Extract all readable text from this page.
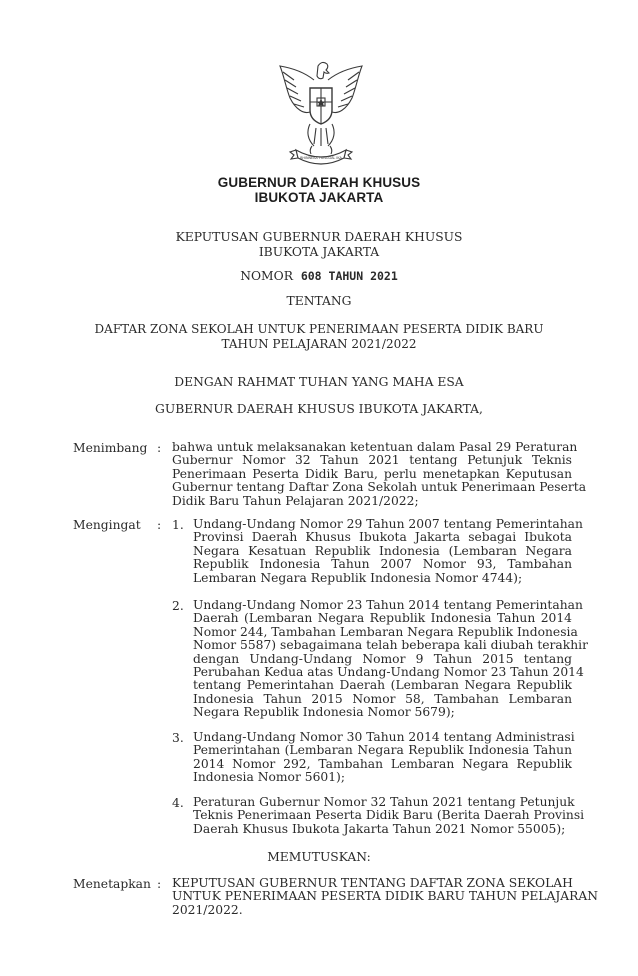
BHINNEKA TUNGGAL IKA
GUBERNUR DAERAH KHUSUS
IBUKOTA JAKARTA
KEPUTUSAN GUBERNUR DAERAH KHUSUS
IBUKOTA JAKARTA
NOMOR 608 TAHUN 2021
TENTANG
DAFTAR ZONA SEKOLAH UNTUK PENERIMAAN PESERTA DIDIK BARU
TAHUN PELAJARAN 2021/2022
DENGAN RAHMAT TUHAN YANG MAHA ESA
GUBERNUR DAERAH KHUSUS IBUKOTA JAKARTA,
Menimbang : bahwa untuk melaksanakan ketentuan dalam Pasal 29 Peraturan
Gubernur Nomor 32 Tahun 2021 tentang Petunjuk Teknis
Penerimaan Peserta Didik Baru, perlu menetapkan Keputusan
Gubernur tentang Daftar Zona Sekolah untuk Penerimaan Peserta
Didik Baru Tahun Pelajaran 2021/2022;
Mengingat : 1. Undang-Undang Nomor 29 Tahun 2007 tentang Pemerintahan
Provinsi Daerah Khusus Ibukota Jakarta sebagai Ibukota
Negara Kesatuan Republik Indonesia (Lembaran Negara
Republik Indonesia Tahun 2007 Nomor 93, Tambahan
Lembaran Negara Republik Indonesia Nomor 4744);
2. Undang-Undang Nomor 23 Tahun 2014 tentang Pemerintahan
Daerah (Lembaran Negara Republik Indonesia Tahun 2014
Nomor 244, Tambahan Lembaran Negara Republik Indonesia
Nomor 5587) sebagaimana telah beberapa kali diubah terakhir
dengan Undang-Undang Nomor 9 Tahun 2015 tentang
Perubahan Kedua atas Undang-Undang Nomor 23 Tahun 2014
tentang Pemerintahan Daerah (Lembaran Negara Republik
Indonesia Tahun 2015 Nomor 58, Tambahan Lembaran
Negara Republik Indonesia Nomor 5679);
3. Undang-Undang Nomor 30 Tahun 2014 tentang Administrasi
Pemerintahan (Lembaran Negara Republik Indonesia Tahun
2014 Nomor 292, Tambahan Lembaran Negara Republik
Indonesia Nomor 5601);
4. Peraturan Gubernur Nomor 32 Tahun 2021 tentang Petunjuk
Teknis Penerimaan Peserta Didik Baru (Berita Daerah Provinsi
Daerah Khusus Ibukota Jakarta Tahun 2021 Nomor 55005);
MEMUTUSKAN:
Menetapkan : KEPUTUSAN GUBERNUR TENTANG DAFTAR ZONA SEKOLAH
UNTUK PENERIMAAN PESERTA DIDIK BARU TAHUN PELAJARAN
2021/2022.
